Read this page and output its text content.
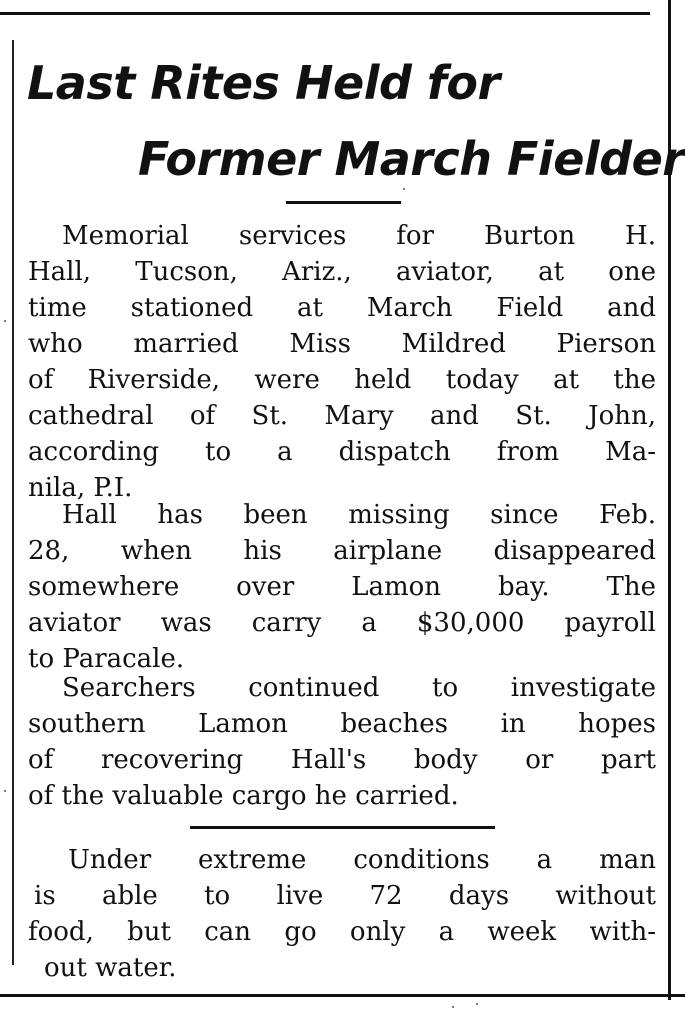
Last Rites Held for
Former March Fielder
Memorial services for Burton H.
Hall, Tucson, Ariz., aviator, at one
time stationed at March Field and
who married Miss Mildred Pierson
of Riverside, were held today at the
cathedral of St. Mary and St. John,
according to a dispatch from Ma-
nila, P.I.
Hall has been missing since Feb.
28, when his airplane disappeared
somewhere over Lamon bay. The
aviator was carry a $30,000 payroll
to Paracale.
Searchers continued to investigate
southern Lamon beaches in hopes
of recovering Hall's body or part
of the valuable cargo he carried.
Under extreme conditions a man
is able to live 72 days without
food, but can go only a week with-
out water.
